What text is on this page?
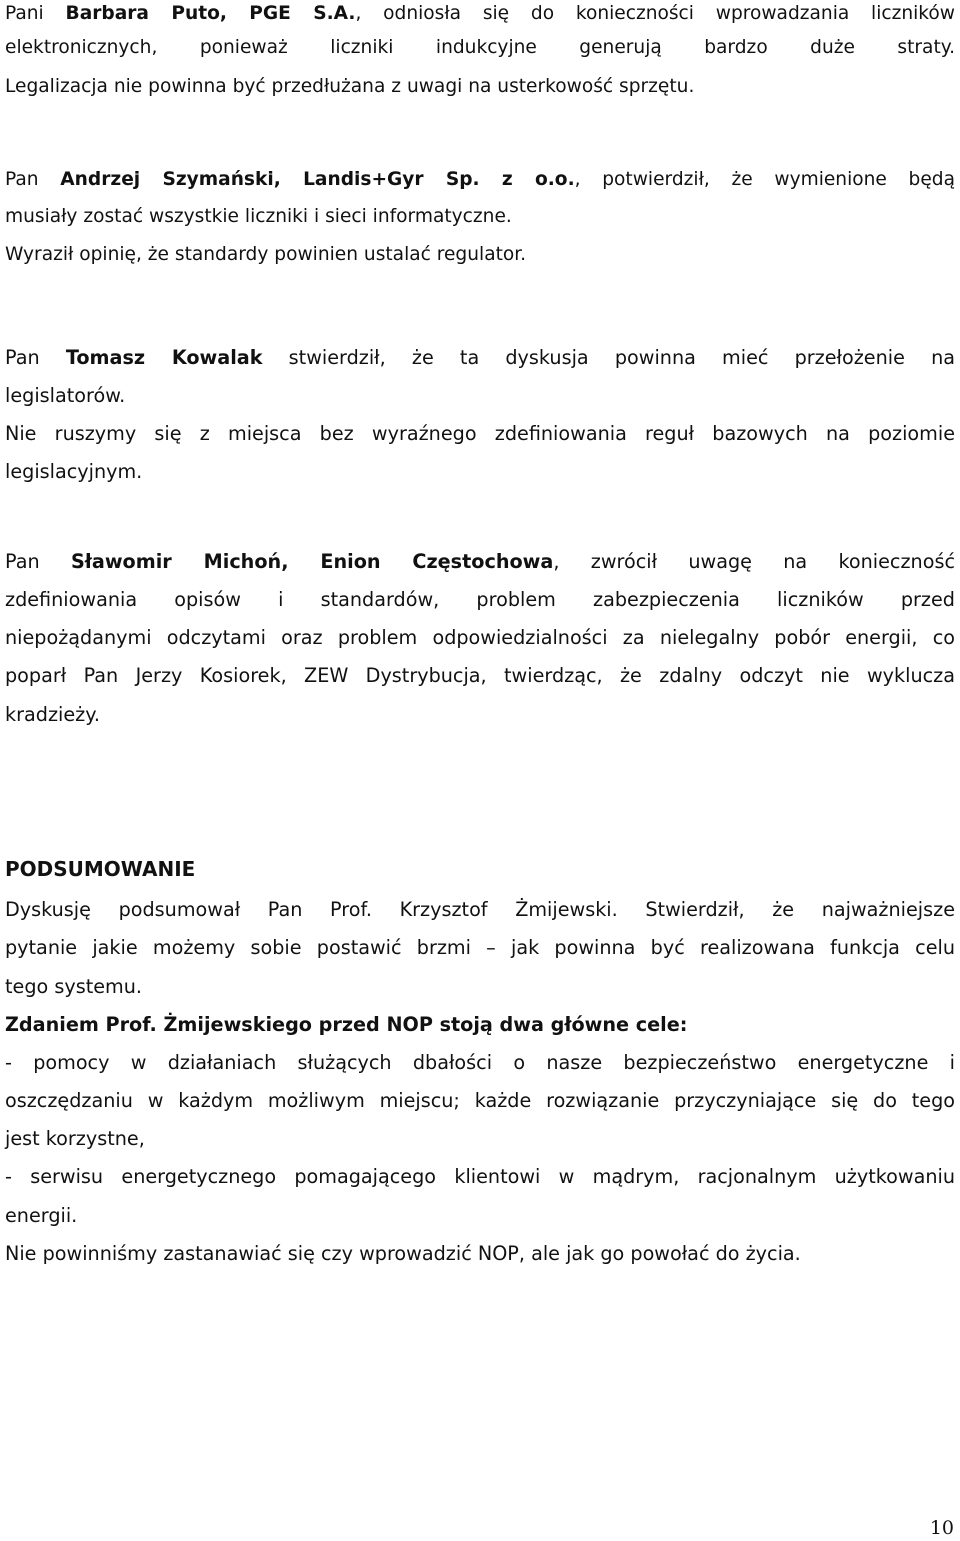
Pani Barbara Puto, PGE S.A., odniosła się do konieczności wprowadzania liczników
elektronicznych, ponieważ liczniki indukcyjne generują bardzo duże straty.
Legalizacja nie powinna być przedłużana z uwagi na usterkowość sprzętu.
Pan Andrzej Szymański, Landis+Gyr Sp. z o.o., potwierdził, że wymienione będą
musiały zostać wszystkie liczniki i sieci informatyczne.
Wyraził opinię, że standardy powinien ustalać regulator.
Pan Tomasz Kowalak stwierdził, że ta dyskusja powinna mieć przełożenie na
legislatorów.
Nie ruszymy się z miejsca bez wyraźnego zdefiniowania reguł bazowych na poziomie
legislacyjnym.
Pan Sławomir Michoń, Enion Częstochowa, zwrócił uwagę na konieczność
zdefiniowania opisów i standardów, problem zabezpieczenia liczników przed
niepożądanymi odczytami oraz problem odpowiedzialności za nielegalny pobór energii, co
poparł Pan Jerzy Kosiorek, ZEW Dystrybucja, twierdząc, że zdalny odczyt nie wyklucza
kradzieży.
PODSUMOWANIE
Dyskusję podsumował Pan Prof. Krzysztof Żmijewski. Stwierdził, że najważniejsze
pytanie jakie możemy sobie postawić brzmi – jak powinna być realizowana funkcja celu
tego systemu.
Zdaniem Prof. Żmijewskiego przed NOP stoją dwa główne cele:
- pomocy w działaniach służących dbałości o nasze bezpieczeństwo energetyczne i
oszczędzaniu w każdym możliwym miejscu; każde rozwiązanie przyczyniające się do tego
jest korzystne,
- serwisu energetycznego pomagającego klientowi w mądrym, racjonalnym użytkowaniu
energii.
Nie powinniśmy zastanawiać się czy wprowadzić NOP, ale jak go powołać do życia.
10
